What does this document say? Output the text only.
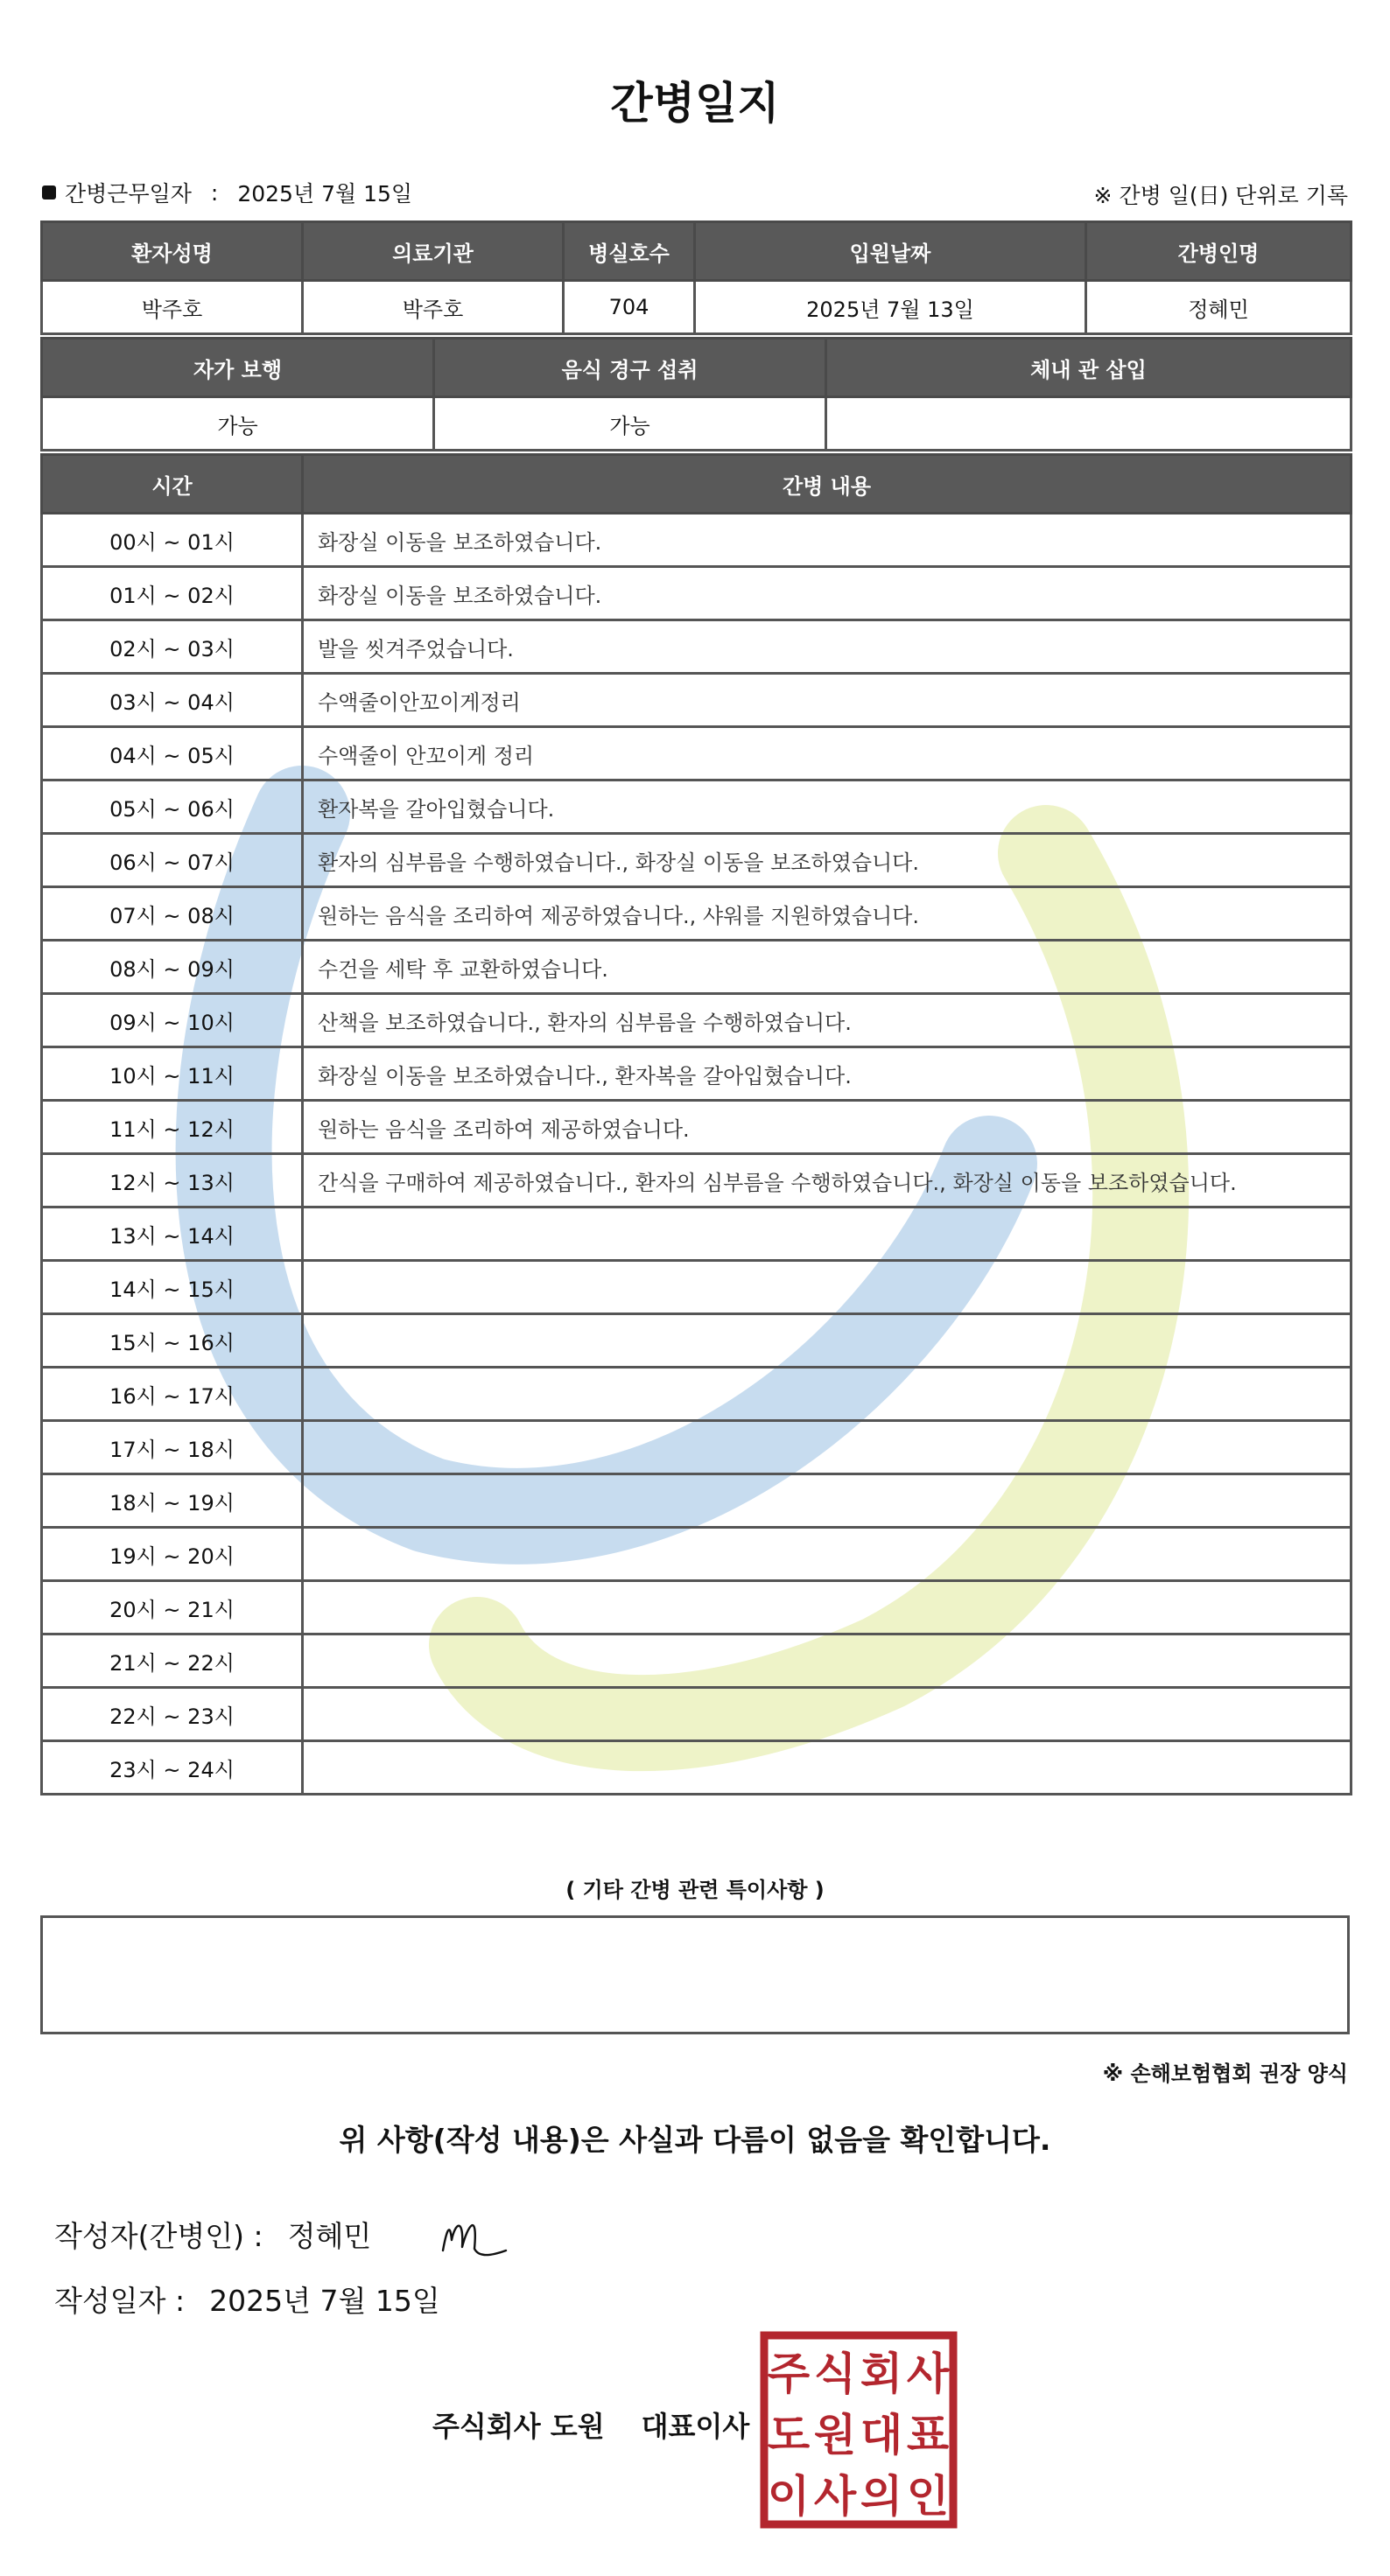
간병일지
간병근무일자 : 2025년 7월 15일	※ 간병 일(日) 단위로 기록
환자성명	의료기관	병실호수	입원날짜	간병인명
박주호	박주호	704	2025년 7월 13일	정혜민
자가 보행	음식 경구 섭취	체내 관 삽입
가능	가능	
시간	간병 내용
00시 ~ 01시	화장실 이동을 보조하였습니다.
01시 ~ 02시	화장실 이동을 보조하였습니다.
02시 ~ 03시	발을 씻겨주었습니다.
03시 ~ 04시	수액줄이안꼬이게정리
04시 ~ 05시	수액줄이 안꼬이게 정리
05시 ~ 06시	환자복을 갈아입혔습니다.
06시 ~ 07시	환자의 심부름을 수행하였습니다., 화장실 이동을 보조하였습니다.
07시 ~ 08시	원하는 음식을 조리하여 제공하였습니다., 샤워를 지원하였습니다.
08시 ~ 09시	수건을 세탁 후 교환하였습니다.
09시 ~ 10시	산책을 보조하였습니다., 환자의 심부름을 수행하였습니다.
10시 ~ 11시	화장실 이동을 보조하였습니다., 환자복을 갈아입혔습니다.
11시 ~ 12시	원하는 음식을 조리하여 제공하였습니다.
12시 ~ 13시	간식을 구매하여 제공하였습니다., 환자의 심부름을 수행하였습니다., 화장실 이동을 보조하였습니다.
13시 ~ 14시	
14시 ~ 15시	
15시 ~ 16시	
16시 ~ 17시	
17시 ~ 18시	
18시 ~ 19시	
19시 ~ 20시	
20시 ~ 21시	
21시 ~ 22시	
22시 ~ 23시	
23시 ~ 24시	
( 기타 간병 관련 특이사항 )
※ 손해보험협회 권장 양식
위 사항(작성 내용)은 사실과 다름이 없음을 확인합니다.
작성자(간병인) : 정혜민
작성일자 : 2025년 7월 15일
주식회사 도원 대표이사
주 식 회 사
도 원 대 표
이 사 의 인
